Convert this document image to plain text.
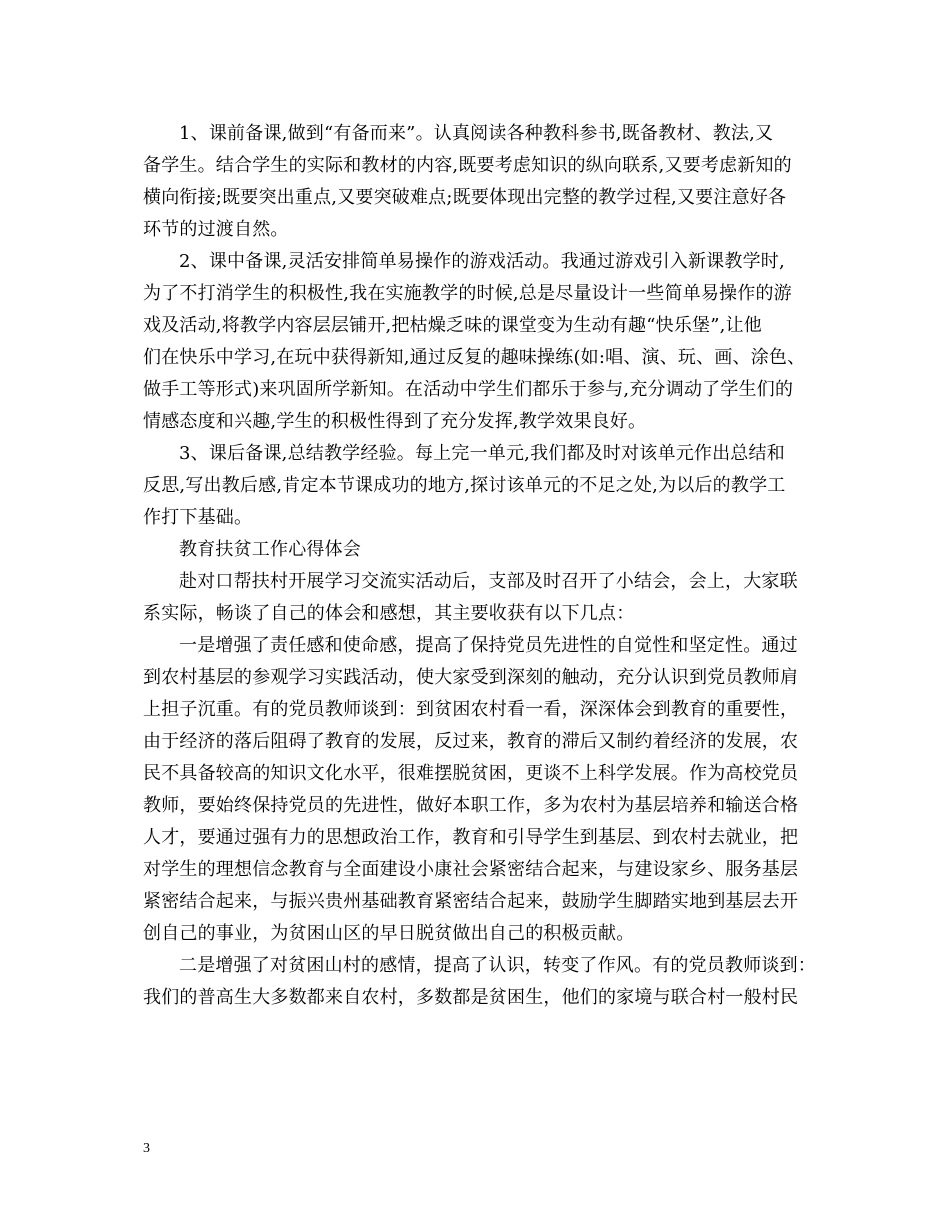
1、课前备课,做到“有备而来”。认真阅读各种教科参书,既备教材、教法,又
备学生。结合学生的实际和教材的内容,既要考虑知识的纵向联系,又要考虑新知的
横向衔接;既要突出重点,又要突破难点;既要体现出完整的教学过程,又要注意好各
环节的过渡自然。
2、课中备课,灵活安排简单易操作的游戏活动。我通过游戏引入新课教学时,
为了不打消学生的积极性,我在实施教学的时候,总是尽量设计一些简单易操作的游
戏及活动,将教学内容层层铺开,把枯燥乏味的课堂变为生动有趣“快乐堡”,让他
们在快乐中学习,在玩中获得新知,通过反复的趣味操练(如:唱、演、玩、画、涂色、
做手工等形式)来巩固所学新知。在活动中学生们都乐于参与,充分调动了学生们的
情感态度和兴趣,学生的积极性得到了充分发挥,教学效果良好。
3、课后备课,总结教学经验。每上完一单元,我们都及时对该单元作出总结和
反思,写出教后感,肯定本节课成功的地方,探讨该单元的不足之处,为以后的教学工
作打下基础。
教育扶贫工作心得体会
赴对口帮扶村开展学习交流实活动后，支部及时召开了小结会，会上，大家联
系实际，畅谈了自己的体会和感想，其主要收获有以下几点：
一是增强了责任感和使命感，提高了保持党员先进性的自觉性和坚定性。通过
到农村基层的参观学习实践活动，使大家受到深刻的触动，充分认识到党员教师肩
上担子沉重。有的党员教师谈到：到贫困农村看一看，深深体会到教育的重要性，
由于经济的落后阻碍了教育的发展，反过来，教育的滞后又制约着经济的发展，农
民不具备较高的知识文化水平，很难摆脱贫困，更谈不上科学发展。作为高校党员
教师，要始终保持党员的先进性，做好本职工作，多为农村为基层培养和输送合格
人才，要通过强有力的思想政治工作，教育和引导学生到基层、到农村去就业，把
对学生的理想信念教育与全面建设小康社会紧密结合起来，与建设家乡、服务基层
紧密结合起来，与振兴贵州基础教育紧密结合起来，鼓励学生脚踏实地到基层去开
创自己的事业，为贫困山区的早日脱贫做出自己的积极贡献。
二是增强了对贫困山村的感情，提高了认识，转变了作风。有的党员教师谈到：
我们的普高生大多数都来自农村，多数都是贫困生，他们的家境与联合村一般村民
3
